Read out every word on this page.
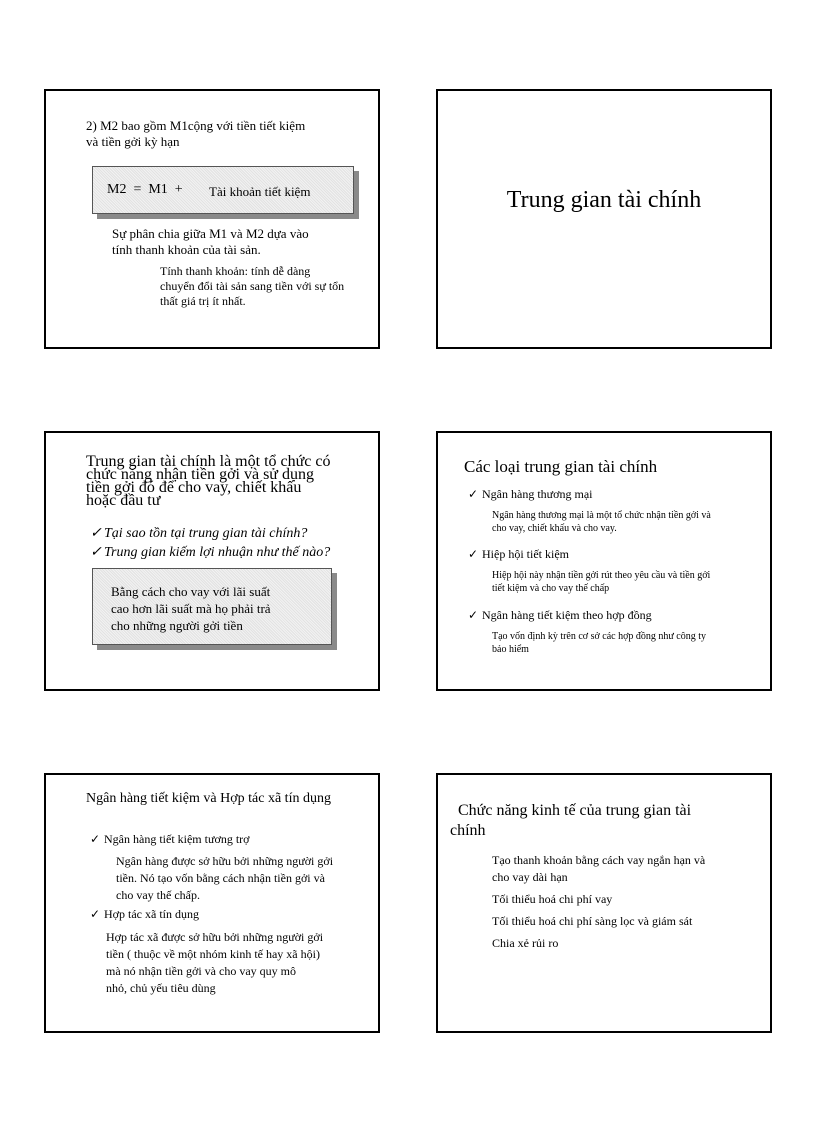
2) M2 bao gồm M1cộng với tiền tiết kiệm
và tiền gởi kỳ hạn
M2  =  M1  + Tài khoản tiết kiệm
Sự phân chia giữa M1 và M2 dựa vào
tính thanh khoản của tài sản.
Tính thanh khoản: tính dễ dàng
chuyển đổi tài sản sang tiền với sự tổn
thất giá trị ít nhất.
Trung gian tài chính
Trung gian tài chính là một tổ chức có
chức năng nhận tiền gởi và sử dụng
tiền gởi đó để cho vay, chiết khấu
hoặc đầu tư
✓ Tại sao tồn tại trung gian tài chính?
✓ Trung gian kiếm lợi nhuận như thế nào?
Bằng cách cho vay với lãi suất
cao hơn lãi suất mà họ phải trả
cho những người gởi tiền
Các loại trung gian tài chính
✓ Ngân hàng thương mại
Ngân hàng thương mại là một tổ chức nhận tiền gởi và
cho vay, chiết khấu và cho vay.
✓ Hiệp hội tiết kiệm
Hiệp hội này nhận tiền gởi rút theo yêu cầu và tiền gởi
tiết kiệm và cho vay thế chấp
✓ Ngân hàng tiết kiệm theo hợp đồng
Tạo vốn định kỳ trên cơ sở các hợp đồng như công ty
bảo hiểm
Ngân hàng tiết kiệm và Hợp tác xã tín dụng
✓ Ngân hàng tiết kiệm tương trợ
Ngân hàng được sở hữu bởi những người gởi
tiền. Nó tạo vốn bằng cách nhận tiền gởi và
cho vay thế chấp.
✓ Hợp tác xã tín dụng
Hợp tác xã được sở hữu bởi những người gởi
tiền ( thuộc về một nhóm kinh tế hay xã hội)
mà nó nhận tiền gởi và cho vay quy mô
nhỏ, chủ yếu tiêu dùng
Chức năng kinh tế của trung gian tài
chính
Tạo thanh khoản bằng cách vay ngắn hạn và
cho vay dài hạn
Tối thiểu hoá chi phí vay
Tối thiểu hoá chi phí sàng lọc và giám sát
Chia xẻ rủi ro
